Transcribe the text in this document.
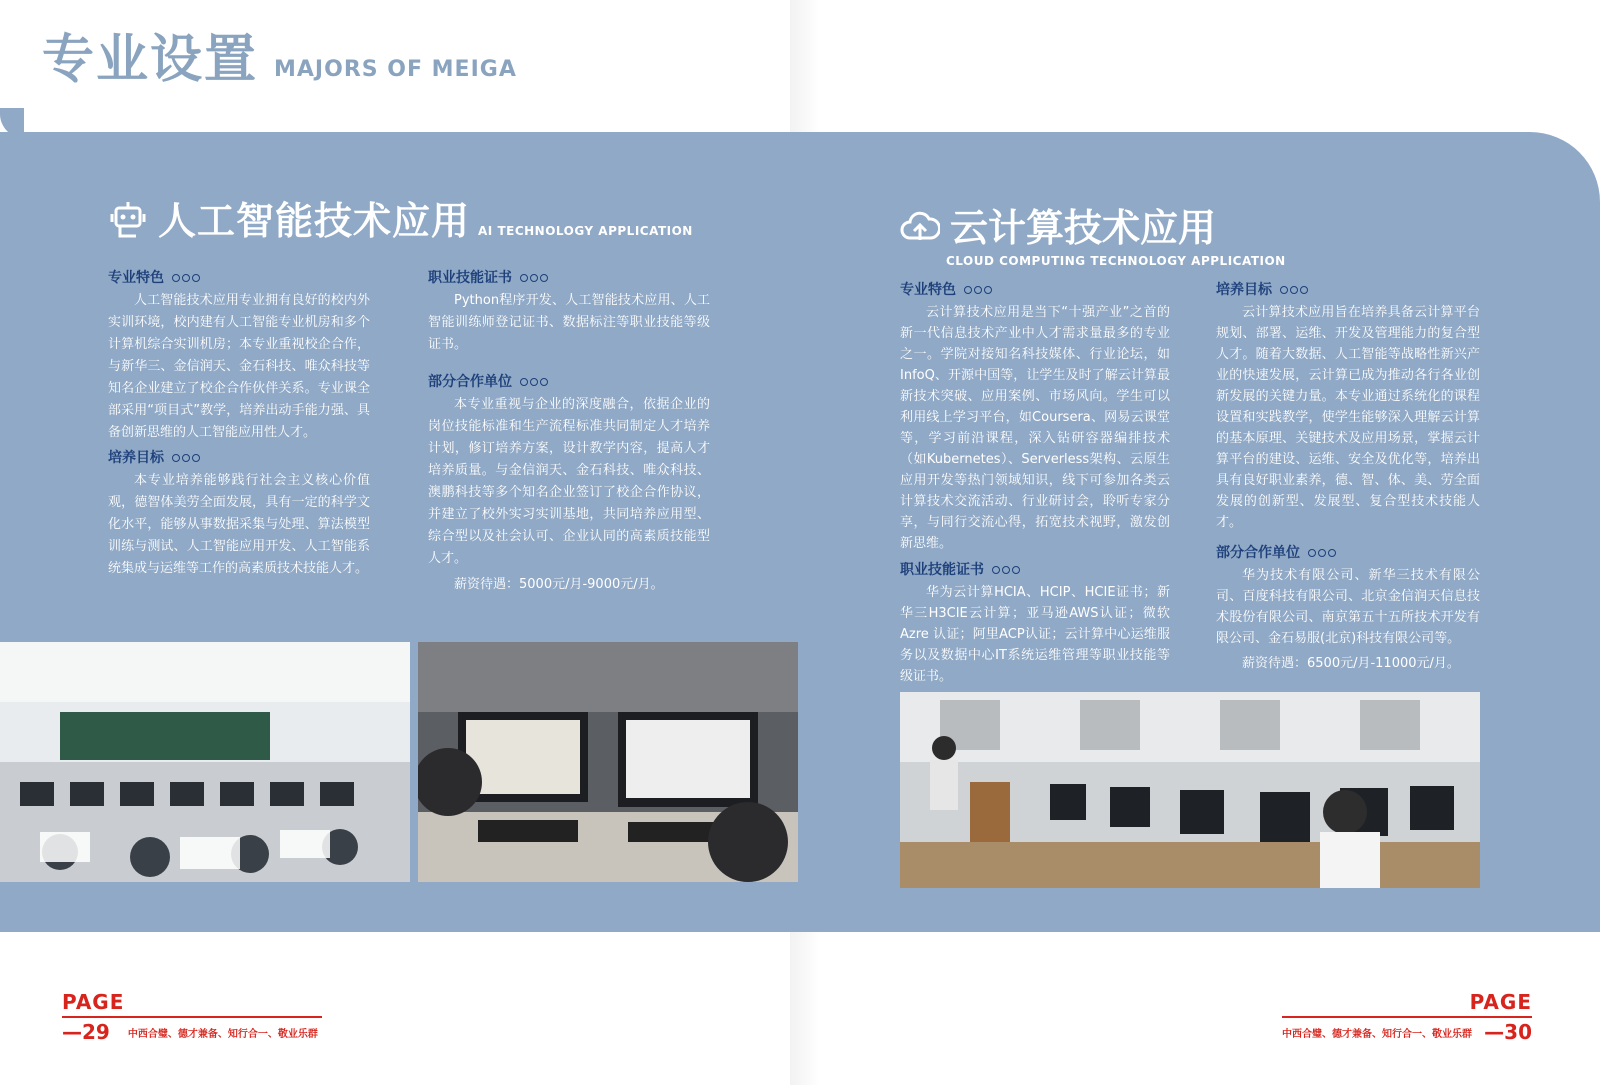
专业设置 MAJORS OF MEIGA
人工智能技术应用 AI TECHNOLOGY APPLICATION
专业特色

人工智能技术应用专业拥有良好的校内外实训环境，校内建有人工智能专业机房和多个计算机综合实训机房；本专业重视校企合作，与新华三、金信润天、金石科技、唯众科技等知名企业建立了校企合作伙伴关系。专业课全部采用“项目式”教学，培养出动手能力强、具备创新思维的人工智能应用性人才。

培养目标

本专业培养能够践行社会主义核心价值观，德智体美劳全面发展，具有一定的科学文化水平，能够从事数据采集与处理、算法模型训练与测试、人工智能应用开发、人工智能系统集成与运维等工作的高素质技术技能人才。

职业技能证书

Python程序开发、人工智能技术应用、人工智能训练师登记证书、数据标注等职业技能等级证书。

部分合作单位

本专业重视与企业的深度融合，依据企业的岗位技能标准和生产流程标准共同制定人才培养计划，修订培养方案，设计教学内容，提高人才培养质量。与金信润天、金石科技、唯众科技、澳鹏科技等多个知名企业签订了校企合作协议，并建立了校外实习实训基地，共同培养应用型、综合型以及社会认可、企业认同的高素质技能型人才。

薪资待遇：5000元/月-9000元/月。

云计算技术应用
CLOUD COMPUTING TECHNOLOGY APPLICATION
专业特色

云计算技术应用是当下“十强产业”之首的新一代信息技术产业中人才需求量最多的专业之一。学院对接知名科技媒体、行业论坛，如InfoQ、开源中国等，让学生及时了解云计算最新技术突破、应用案例、市场风向。学生可以利用线上学习平台，如Coursera、网易云课堂等，学习前沿课程，深入钻研容器编排技术（如Kubernetes）、Serverless架构、云原生应用开发等热门领域知识，线下可参加各类云计算技术交流活动、行业研讨会，聆听专家分享，与同行交流心得，拓宽技术视野，激发创新思维。

职业技能证书

华为云计算HCIA、HCIP、HCIE证书；新华三H3CIE云计算；亚马逊AWS认证；微软Azre 认证；阿里ACP认证；云计算中心运维服务以及数据中心IT系统运维管理等职业技能等级证书。

培养目标

云计算技术应用旨在培养具备云计算平台规划、部署、运维、开发及管理能力的复合型人才。随着大数据、人工智能等战略性新兴产业的快速发展，云计算已成为推动各行各业创新发展的关键力量。本专业通过系统化的课程设置和实践教学，使学生能够深入理解云计算的基本原理、关键技术及应用场景，掌握云计算平台的建设、运维、安全及优化等，培养出具有良好职业素养，德、智、体、美、劳全面发展的创新型、发展型、复合型技术技能人才。

部分合作单位

华为技术有限公司、新华三技术有限公司、百度科技有限公司、北京金信润天信息技术股份有限公司、南京第五十五所技术开发有限公司、金石易服(北京)科技有限公司等。

薪资待遇：6500元/月-11000元/月。

PAGE
—29 中西合璧、德才兼备、知行合一、敬业乐群
PAGE
中西合璧、德才兼备、知行合一、敬业乐群 —30
